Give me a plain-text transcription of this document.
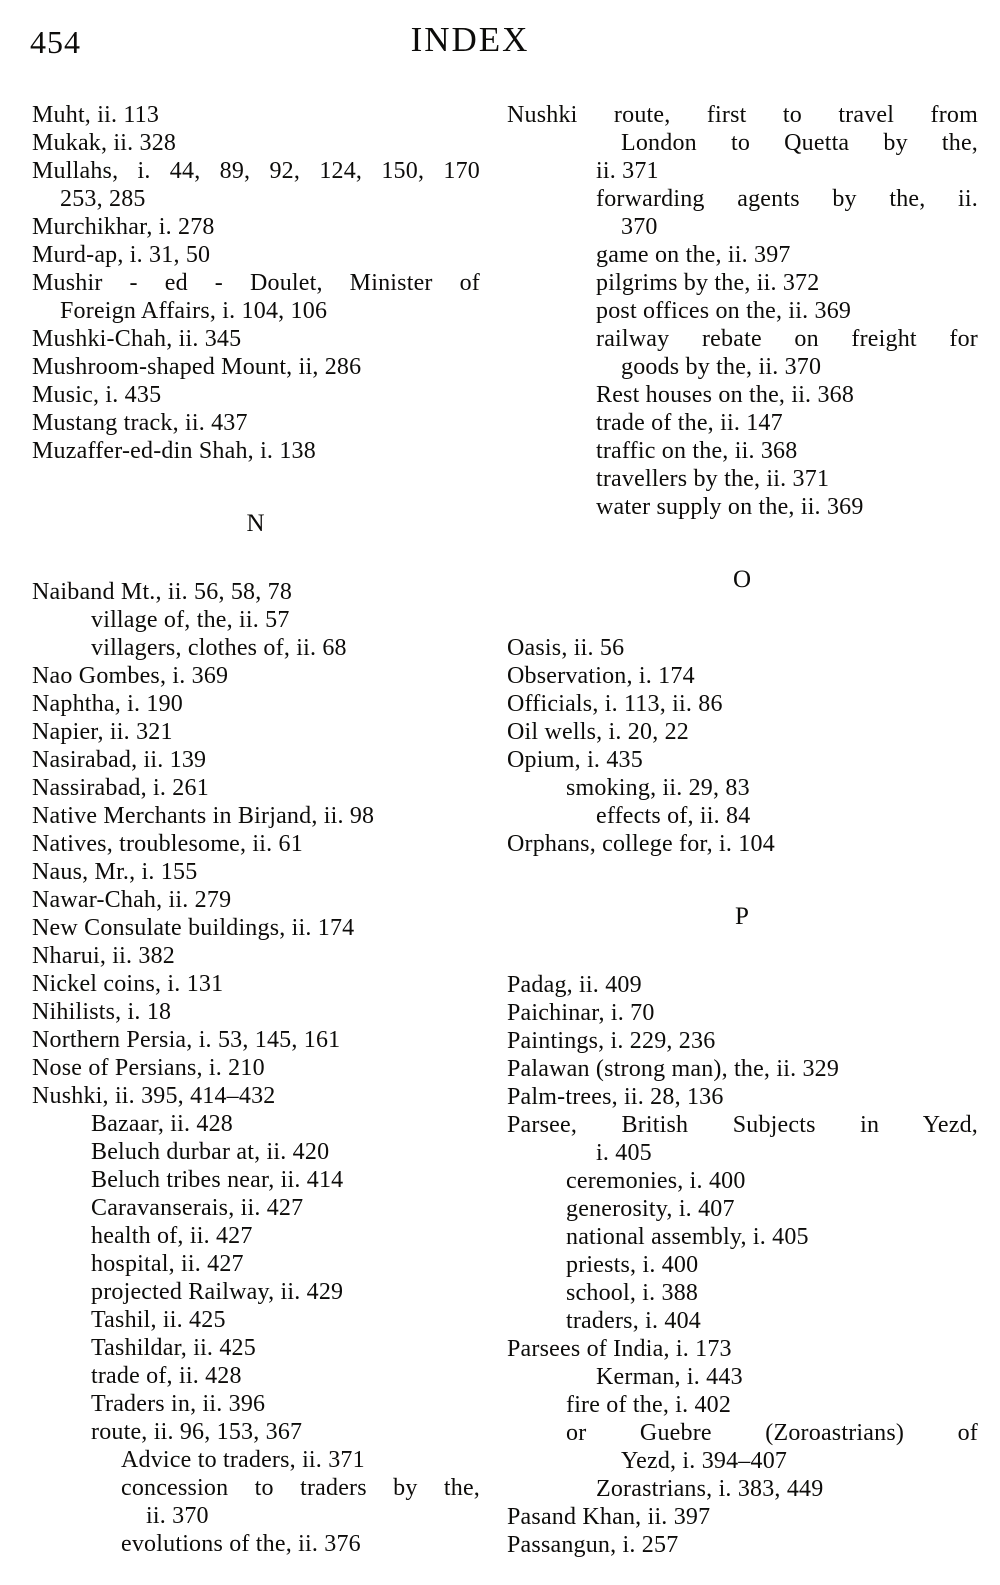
454	INDEX

Muht, ii. 113

Mukak, ii. 328

Mullahs, i. 44, 89, 92, 124, 150, 170

253, 285

Murchikhar, i. 278

Murd-ap, i. 31, 50

Mushir - ed - Doulet, Minister of

Foreign Affairs, i. 104, 106

Mushki-Chah, ii. 345

Mushroom-shaped Mount, ii, 286

Music, i. 435

Mustang track, ii. 437

Muzaffer-ed-din Shah, i. 138

N

Naiband Mt., ii. 56, 58, 78

village of, the, ii. 57

villagers, clothes of, ii. 68

Nao Gombes, i. 369

Naphtha, i. 190

Napier, ii. 321

Nasirabad, ii. 139

Nassirabad, i. 261

Native Merchants in Birjand, ii. 98

Natives, troublesome, ii. 61

Naus, Mr., i. 155

Nawar-Chah, ii. 279

New Consulate buildings, ii. 174

Nharui, ii. 382

Nickel coins, i. 131

Nihilists, i. 18

Northern Persia, i. 53, 145, 161

Nose of Persians, i. 210

Nushki, ii. 395, 414–432

Bazaar, ii. 428

Beluch durbar at, ii. 420

Beluch tribes near, ii. 414

Caravanserais, ii. 427

health of, ii. 427

hospital, ii. 427

projected Railway, ii. 429

Tashil, ii. 425

Tashildar, ii. 425

trade of, ii. 428

Traders in, ii. 396

route, ii. 96, 153, 367

Advice to traders, ii. 371

concession to traders by the,

ii. 370

evolutions of the, ii. 376

Nushki route, first to travel from

London to Quetta by the,

ii. 371

forwarding agents by the, ii.

370

game on the, ii. 397

pilgrims by the, ii. 372

post offices on the, ii. 369

railway rebate on freight for

goods by the, ii. 370

Rest houses on the, ii. 368

trade of the, ii. 147

traffic on the, ii. 368

travellers by the, ii. 371

water supply on the, ii. 369

O

Oasis, ii. 56

Observation, i. 174

Officials, i. 113, ii. 86

Oil wells, i. 20, 22

Opium, i. 435

smoking, ii. 29, 83

effects of, ii. 84

Orphans, college for, i. 104

P

Padag, ii. 409

Paichinar, i. 70

Paintings, i. 229, 236

Palawan (strong man), the, ii. 329

Palm-trees, ii. 28, 136

Parsee, British Subjects in Yezd,

i. 405

ceremonies, i. 400

generosity, i. 407

national assembly, i. 405

priests, i. 400

school, i. 388

traders, i. 404

Parsees of India, i. 173

Kerman, i. 443

fire of the, i. 402

or Guebre (Zoroastrians) of

Yezd, i. 394–407

Zorastrians, i. 383, 449

Pasand Khan, ii. 397

Passangun, i. 257
